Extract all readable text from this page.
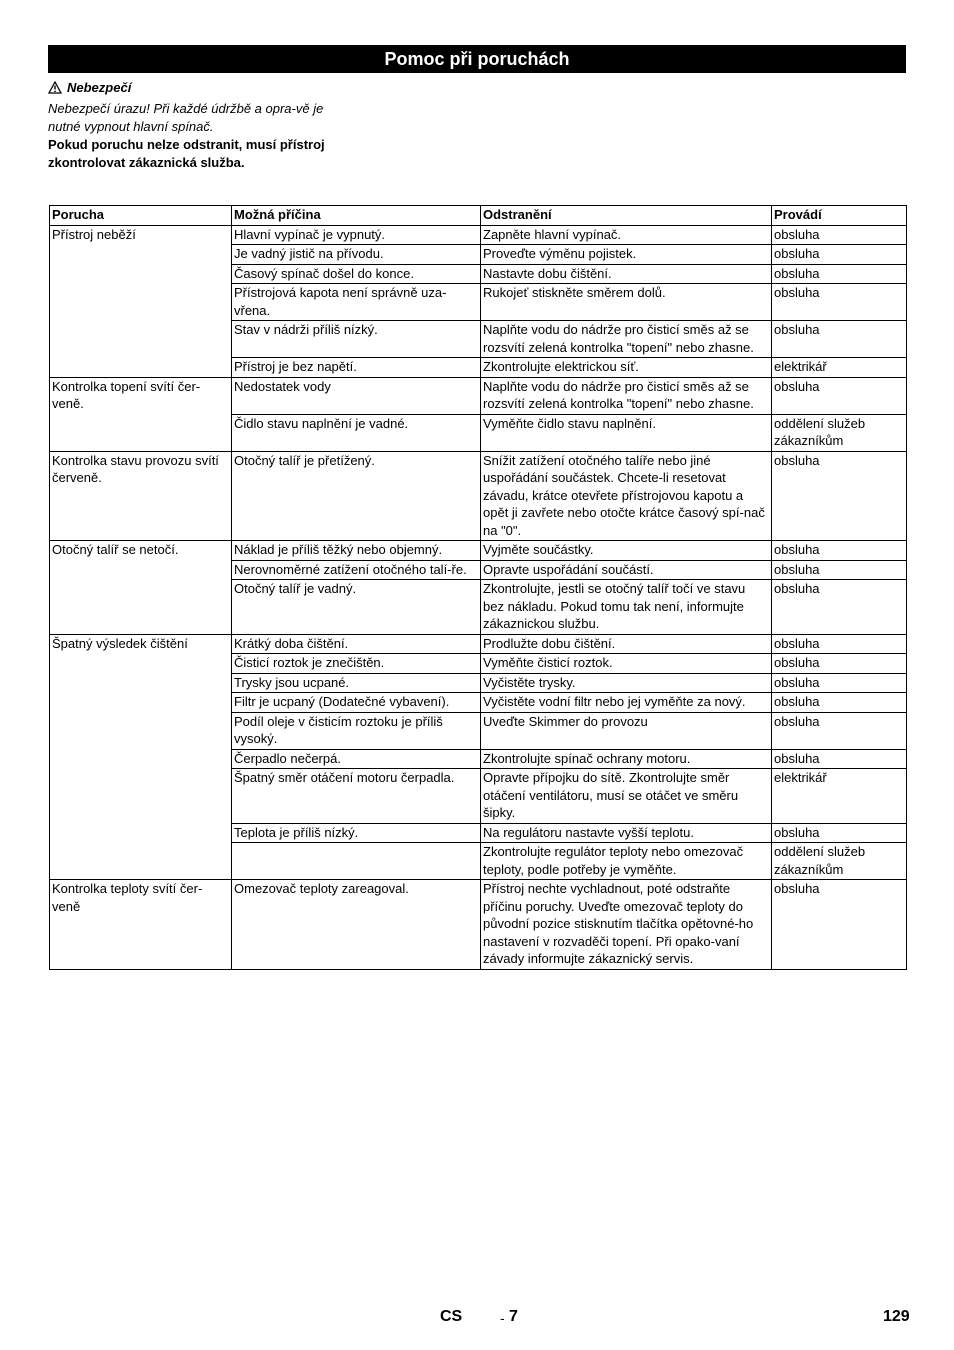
Pomoc při poruchách
Nebezpečí
Nebezpečí úrazu! Při každé údržbě a opra-vě je nutné vypnout hlavní spínač.
Pokud poruchu nelze odstranit, musí přístroj zkontrolovat zákaznická služba.
Porucha	Možná příčina	Odstranění	Provádí
Přístroj neběží	Hlavní vypínač je vypnutý.	Zapněte hlavní vypínač.	obsluha
	Je vadný jistič na přívodu.	Proveďte výměnu pojistek.	obsluha
	Časový spínač došel do konce.	Nastavte dobu čištění.	obsluha
	Přístrojová kapota není správně uza-vřena.	Rukojeť stiskněte směrem dolů.	obsluha
	Stav v nádrži příliš nízký.	Naplňte vodu do nádrže pro čisticí směs až se rozsvítí zelená kontrolka "topení" nebo zhasne.	obsluha
	Přístroj je bez napětí.	Zkontrolujte elektrickou síť.	elektrikář
Kontrolka topení svítí čer-veně.	Nedostatek vody	Naplňte vodu do nádrže pro čisticí směs až se rozsvítí zelená kontrolka "topení" nebo zhasne.	obsluha
	Čidlo stavu naplnění je vadné.	Vyměňte čidlo stavu naplnění.	oddělení služeb zákazníkům
Kontrolka stavu provozu svítí červeně.	Otočný talíř je přetížený.	Snížit zatížení otočného talíře nebo jiné uspořádání součástek. Chcete-li resetovat závadu, krátce otevřete přístrojovou kapotu a opět ji zavřete nebo otočte krátce časový spí-nač na "0".	obsluha
Otočný talíř se netočí.	Náklad je příliš těžký nebo objemný.	Vyjměte součástky.	obsluha
	Nerovnoměrné zatížení otočného talí-ře.	Opravte uspořádání součástí.	obsluha
	Otočný talíř je vadný.	Zkontrolujte, jestli se otočný talíř točí ve stavu bez nákladu. Pokud tomu tak není, informujte zákaznickou službu.	obsluha
Špatný výsledek čištění	Krátký doba čištění.	Prodlužte dobu čištění.	obsluha
	Čisticí roztok je znečištěn.	Vyměňte čisticí roztok.	obsluha
	Trysky jsou ucpané.	Vyčistěte trysky.	obsluha
	Filtr je ucpaný (Dodatečné vybavení).	Vyčistěte vodní filtr nebo jej vyměňte za nový.	obsluha
	Podíl oleje v čisticím roztoku je příliš vysoký.	Uveďte Skimmer do provozu	obsluha
	Čerpadlo nečerpá.	Zkontrolujte spínač ochrany motoru.	obsluha
	Špatný směr otáčení motoru čerpadla.	Opravte přípojku do sítě. Zkontrolujte směr otáčení ventilátoru, musí se otáčet ve směru šipky.	elektrikář
	Teplota je příliš nízký.	Na regulátoru nastavte vyšší teplotu.	obsluha
		Zkontrolujte regulátor teploty nebo omezovač teploty, podle potřeby je vyměňte.	oddělení služeb zákazníkům
Kontrolka teploty svítí čer-veně	Omezovač teploty zareagoval.	Přístroj nechte vychladnout, poté odstraňte příčinu poruchy. Uveďte omezovač teploty do původní pozice stisknutím tlačítka opětovné-ho nastavení v rozvaděči topení. Při opako-vaní závady informujte zákaznický servis.	obsluha
CS	- 7	129
